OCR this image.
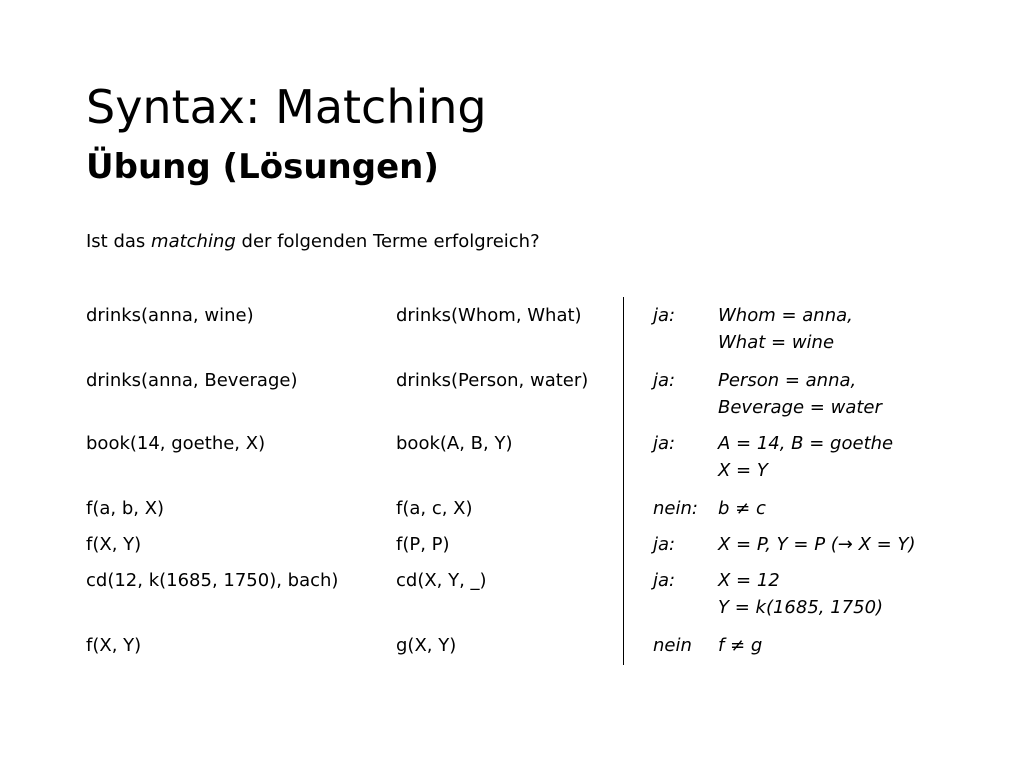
Syntax: Matching
Übung (Lösungen)
Ist das matching der folgenden Terme erfolgreich?
drinks(anna, wine)	drinks(Whom, What)	ja: Whom = anna,
What = wine
drinks(anna, Beverage)	drinks(Person, water)	ja: Person = anna,
Beverage = water
book(14, goethe, X)	book(A, B, Y)	ja: A = 14, B = goethe
X = Y
f(a, b, X)	f(a, c, X)	nein: b ≠ c
f(X, Y)	f(P, P)	ja: X = P, Y = P (→ X = Y)
cd(12, k(1685, 1750), bach)	cd(X, Y, _)	ja: X = 12
Y = k(1685, 1750)
f(X, Y)	g(X, Y)	nein f ≠ g
